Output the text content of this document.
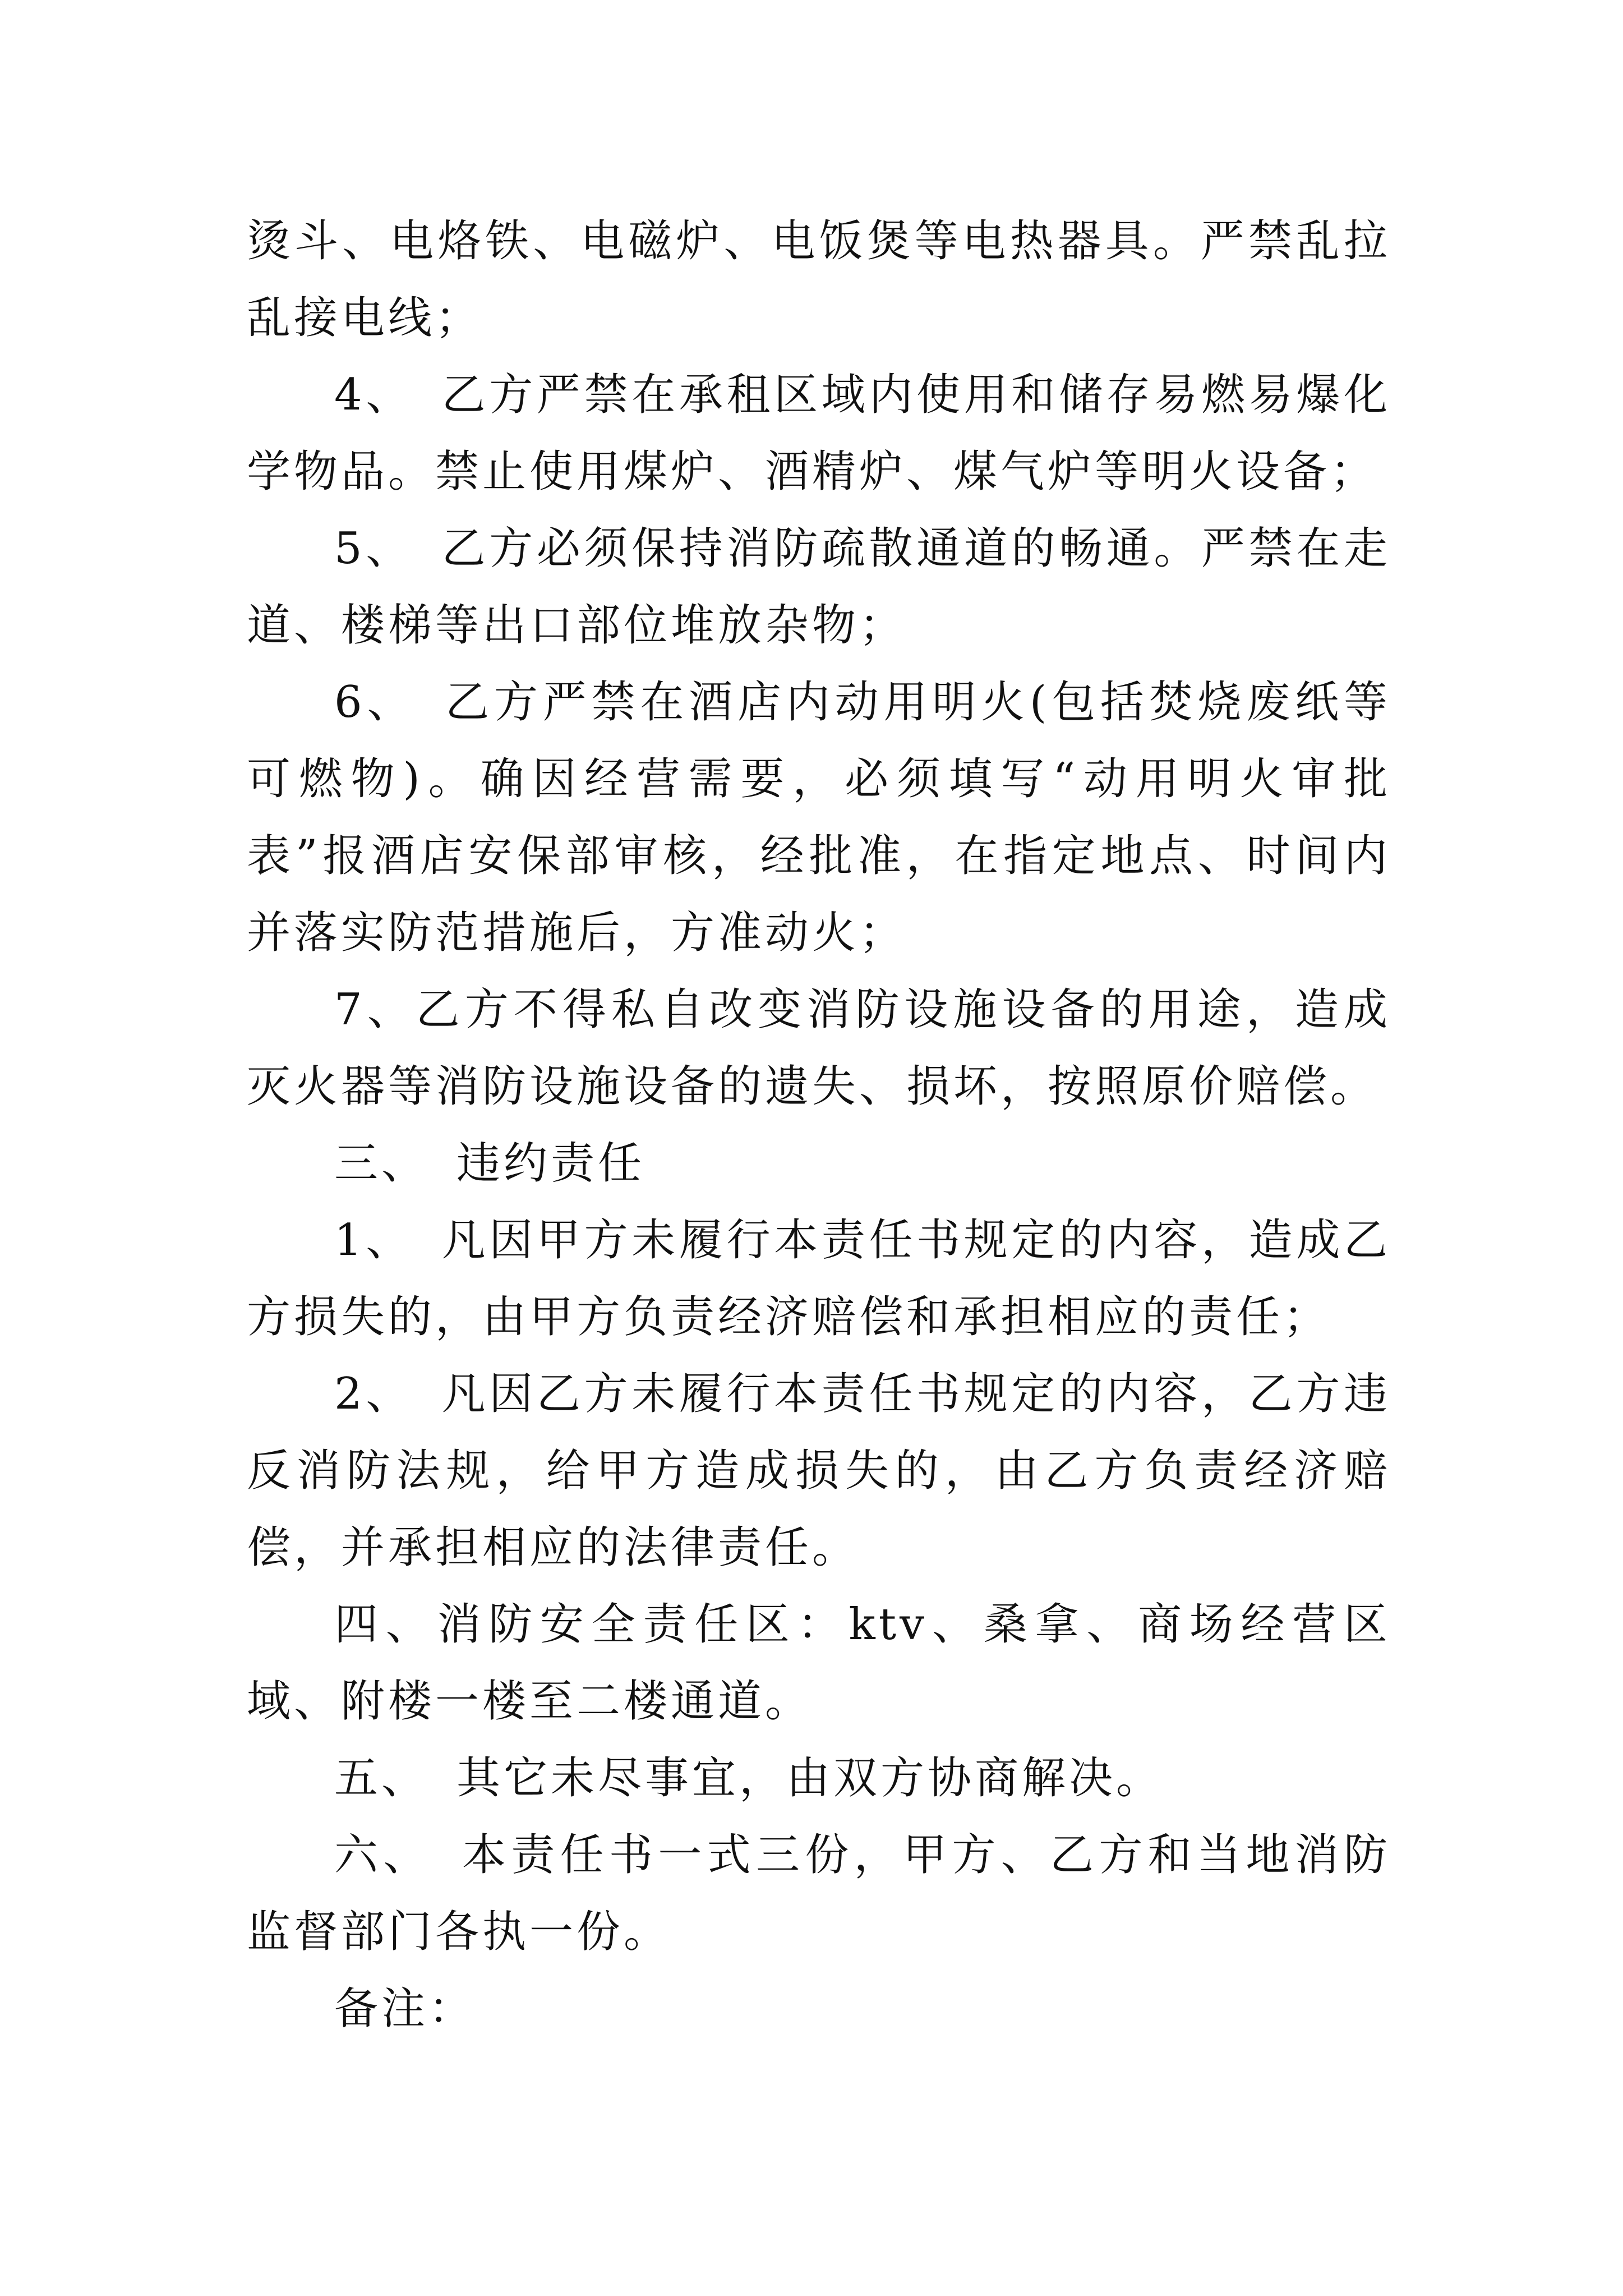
烫斗、电烙铁、电磁炉、电饭煲等电热器具。严禁乱拉乱接电线；

4、 乙方严禁在承租区域内使用和储存易燃易爆化学物品。禁止使用煤炉、酒精炉、煤气炉等明火设备；

5、 乙方必须保持消防疏散通道的畅通。严禁在走道、楼梯等出口部位堆放杂物；

6、 乙方严禁在酒店内动用明火(包括焚烧废纸等可燃物)。确因经营需要，必须填写“动用明火审批表”报酒店安保部审核，经批准，在指定地点、时间内并落实防范措施后，方准动火；

7、乙方不得私自改变消防设施设备的用途，造成灭火器等消防设施设备的遗失、损坏，按照原价赔偿。

三、 违约责任

1、 凡因甲方未履行本责任书规定的内容，造成乙方损失的，由甲方负责经济赔偿和承担相应的责任；

2、 凡因乙方未履行本责任书规定的内容，乙方违反消防法规，给甲方造成损失的，由乙方负责经济赔偿，并承担相应的法律责任。

四、消防安全责任区：ktv、桑拿、商场经营区域、附楼一楼至二楼通道。

五、 其它未尽事宜，由双方协商解决。

六、 本责任书一式三份，甲方、乙方和当地消防监督部门各执一份。

备注：
